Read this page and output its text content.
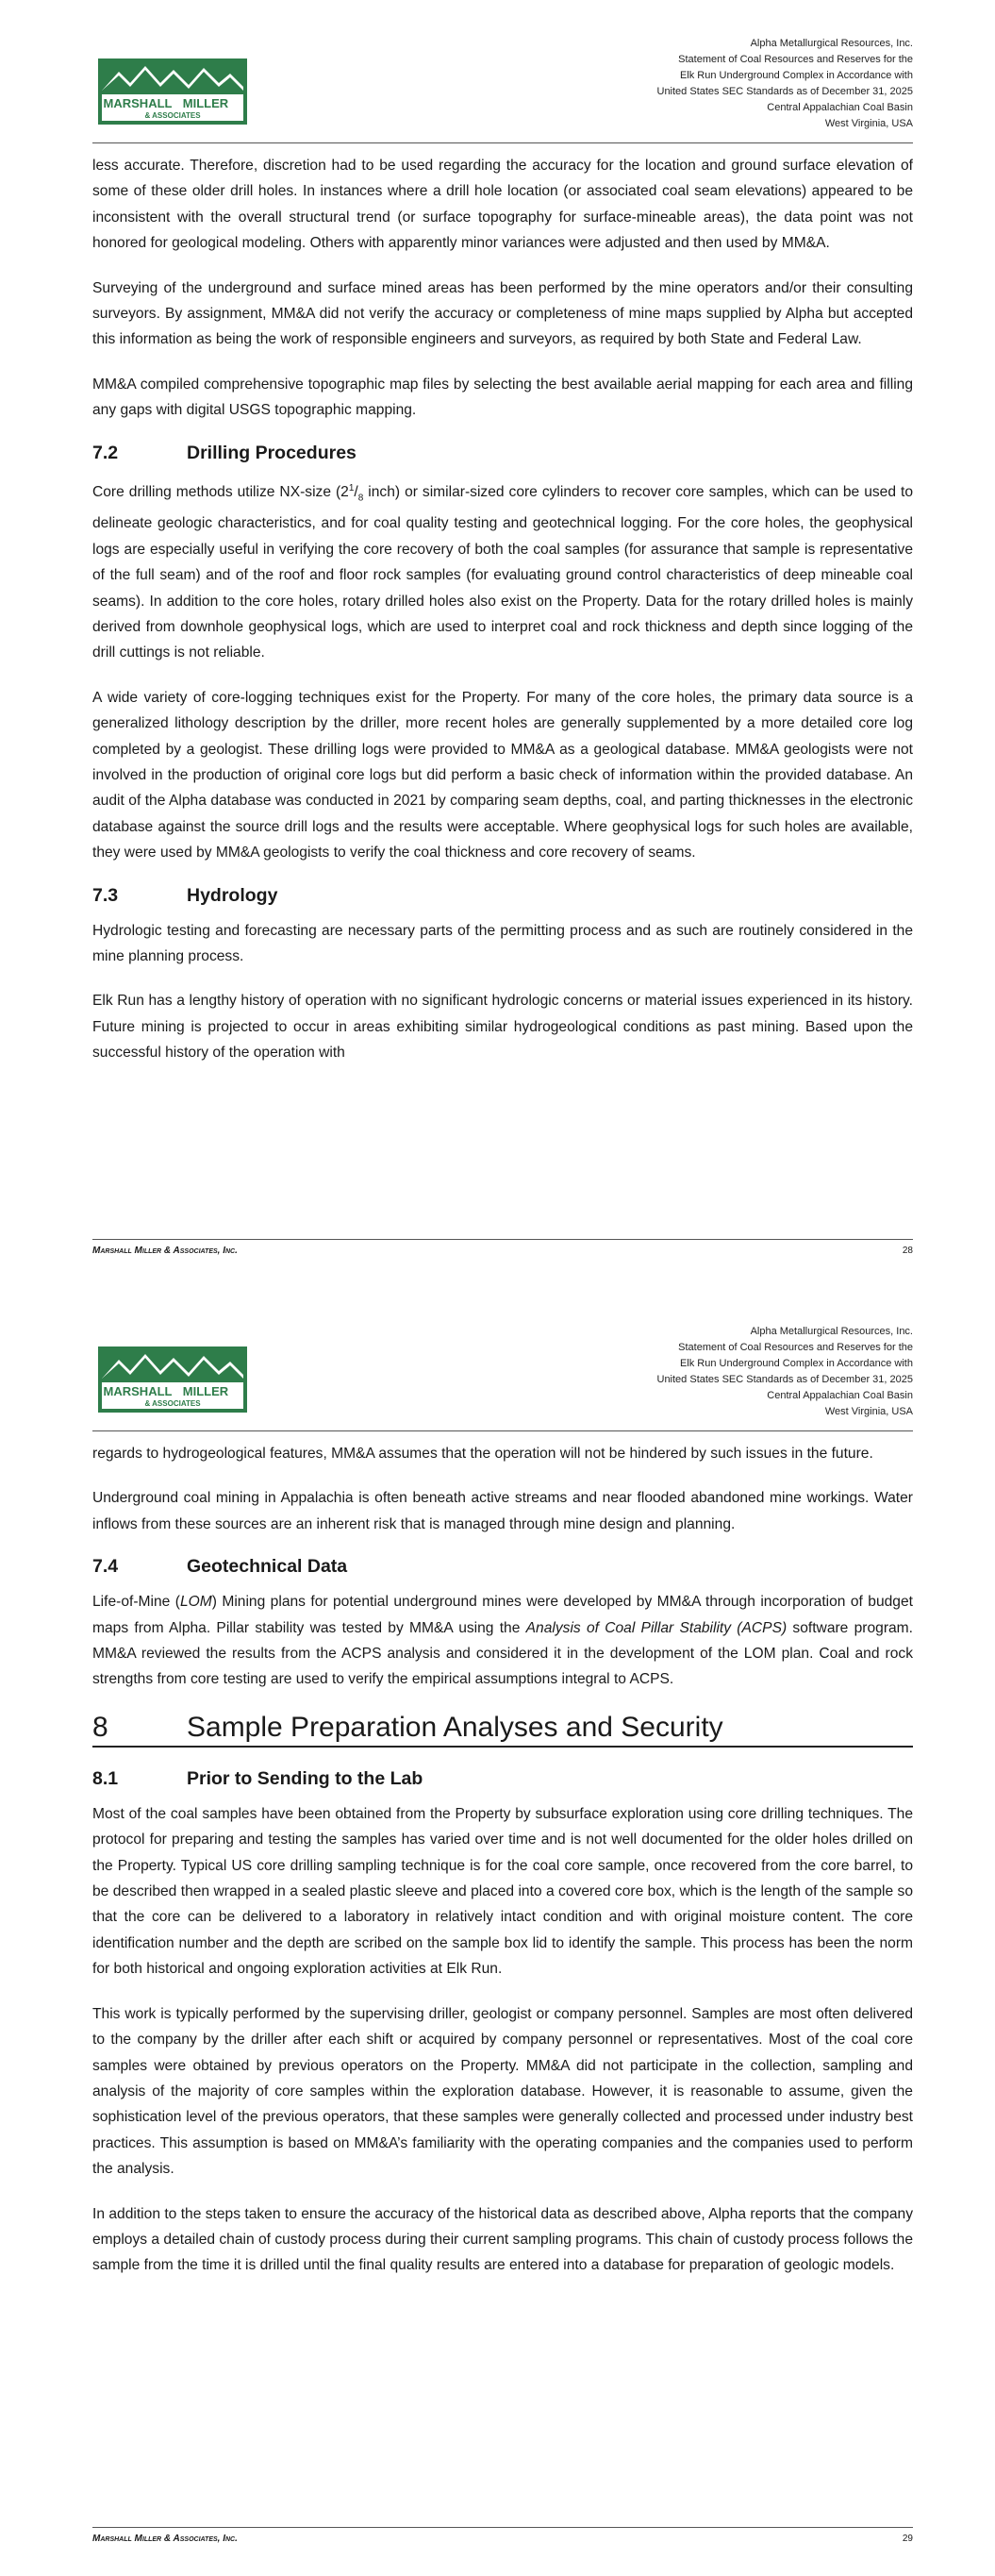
MARSHALL MILLER
& ASSOCIATES
Alpha Metallurgical Resources, Inc.
Statement of Coal Resources and Reserves for the
Elk Run Underground Complex in Accordance with
United States SEC Standards as of December 31, 2025
Central Appalachian Coal Basin
West Virginia, USA

less accurate. Therefore, discretion had to be used regarding the accuracy for the location and ground surface elevation of some of these older drill holes. In instances where a drill hole location (or associated coal seam elevations) appeared to be inconsistent with the overall structural trend (or surface topography for surface-mineable areas), the data point was not honored for geological modeling. Others with apparently minor variances were adjusted and then used by MM&A.

Surveying of the underground and surface mined areas has been performed by the mine operators and/or their consulting surveyors. By assignment, MM&A did not verify the accuracy or completeness of mine maps supplied by Alpha but accepted this information as being the work of responsible engineers and surveyors, as required by both State and Federal Law.

MM&A compiled comprehensive topographic map files by selecting the best available aerial mapping for each area and filling any gaps with digital USGS topographic mapping.

7.2	Drilling Procedures

Core drilling methods utilize NX-size ($2^1/_8$ inch) or similar-sized core cylinders to recover core samples, which can be used to delineate geologic characteristics, and for coal quality testing and geotechnical logging. For the core holes, the geophysical logs are especially useful in verifying the core recovery of both the coal samples (for assurance that sample is representative of the full seam) and of the roof and floor rock samples (for evaluating ground control characteristics of deep mineable coal seams). In addition to the core holes, rotary drilled holes also exist on the Property. Data for the rotary drilled holes is mainly derived from downhole geophysical logs, which are used to interpret coal and rock thickness and depth since logging of the drill cuttings is not reliable.

A wide variety of core-logging techniques exist for the Property. For many of the core holes, the primary data source is a generalized lithology description by the driller, more recent holes are generally supplemented by a more detailed core log completed by a geologist. These drilling logs were provided to MM&A as a geological database. MM&A geologists were not involved in the production of original core logs but did perform a basic check of information within the provided database. An audit of the Alpha database was conducted in 2021 by comparing seam depths, coal, and parting thicknesses in the electronic database against the source drill logs and the results were acceptable. Where geophysical logs for such holes are available, they were used by MM&A geologists to verify the coal thickness and core recovery of seams.

7.3	Hydrology

Hydrologic testing and forecasting are necessary parts of the permitting process and as such are routinely considered in the mine planning process.

Elk Run has a lengthy history of operation with no significant hydrologic concerns or material issues experienced in its history. Future mining is projected to occur in areas exhibiting similar hydrogeological conditions as past mining. Based upon the successful history of the operation with

Marshall Miller & Associates, Inc.	28
MARSHALL MILLER
& ASSOCIATES
Alpha Metallurgical Resources, Inc.
Statement of Coal Resources and Reserves for the
Elk Run Underground Complex in Accordance with
United States SEC Standards as of December 31, 2025
Central Appalachian Coal Basin
West Virginia, USA

regards to hydrogeological features, MM&A assumes that the operation will not be hindered by such issues in the future.

Underground coal mining in Appalachia is often beneath active streams and near flooded abandoned mine workings. Water inflows from these sources are an inherent risk that is managed through mine design and planning.

7.4	Geotechnical Data

Life-of-Mine (LOM) Mining plans for potential underground mines were developed by MM&A through incorporation of budget maps from Alpha. Pillar stability was tested by MM&A using the Analysis of Coal Pillar Stability (ACPS) software program. MM&A reviewed the results from the ACPS analysis and considered it in the development of the LOM plan. Coal and rock strengths from core testing are used to verify the empirical assumptions integral to ACPS.

8	Sample Preparation Analyses and Security
8.1	Prior to Sending to the Lab

Most of the coal samples have been obtained from the Property by subsurface exploration using core drilling techniques. The protocol for preparing and testing the samples has varied over time and is not well documented for the older holes drilled on the Property. Typical US core drilling sampling technique is for the coal core sample, once recovered from the core barrel, to be described then wrapped in a sealed plastic sleeve and placed into a covered core box, which is the length of the sample so that the core can be delivered to a laboratory in relatively intact condition and with original moisture content. The core identification number and the depth are scribed on the sample box lid to identify the sample. This process has been the norm for both historical and ongoing exploration activities at Elk Run.

This work is typically performed by the supervising driller, geologist or company personnel. Samples are most often delivered to the company by the driller after each shift or acquired by company personnel or representatives. Most of the coal core samples were obtained by previous operators on the Property. MM&A did not participate in the collection, sampling and analysis of the majority of core samples within the exploration database. However, it is reasonable to assume, given the sophistication level of the previous operators, that these samples were generally collected and processed under industry best practices. This assumption is based on MM&A’s familiarity with the operating companies and the companies used to perform the analysis.

In addition to the steps taken to ensure the accuracy of the historical data as described above, Alpha reports that the company employs a detailed chain of custody process during their current sampling programs. This chain of custody process follows the sample from the time it is drilled until the final quality results are entered into a database for preparation of geologic models.

Marshall Miller & Associates, Inc.	29
